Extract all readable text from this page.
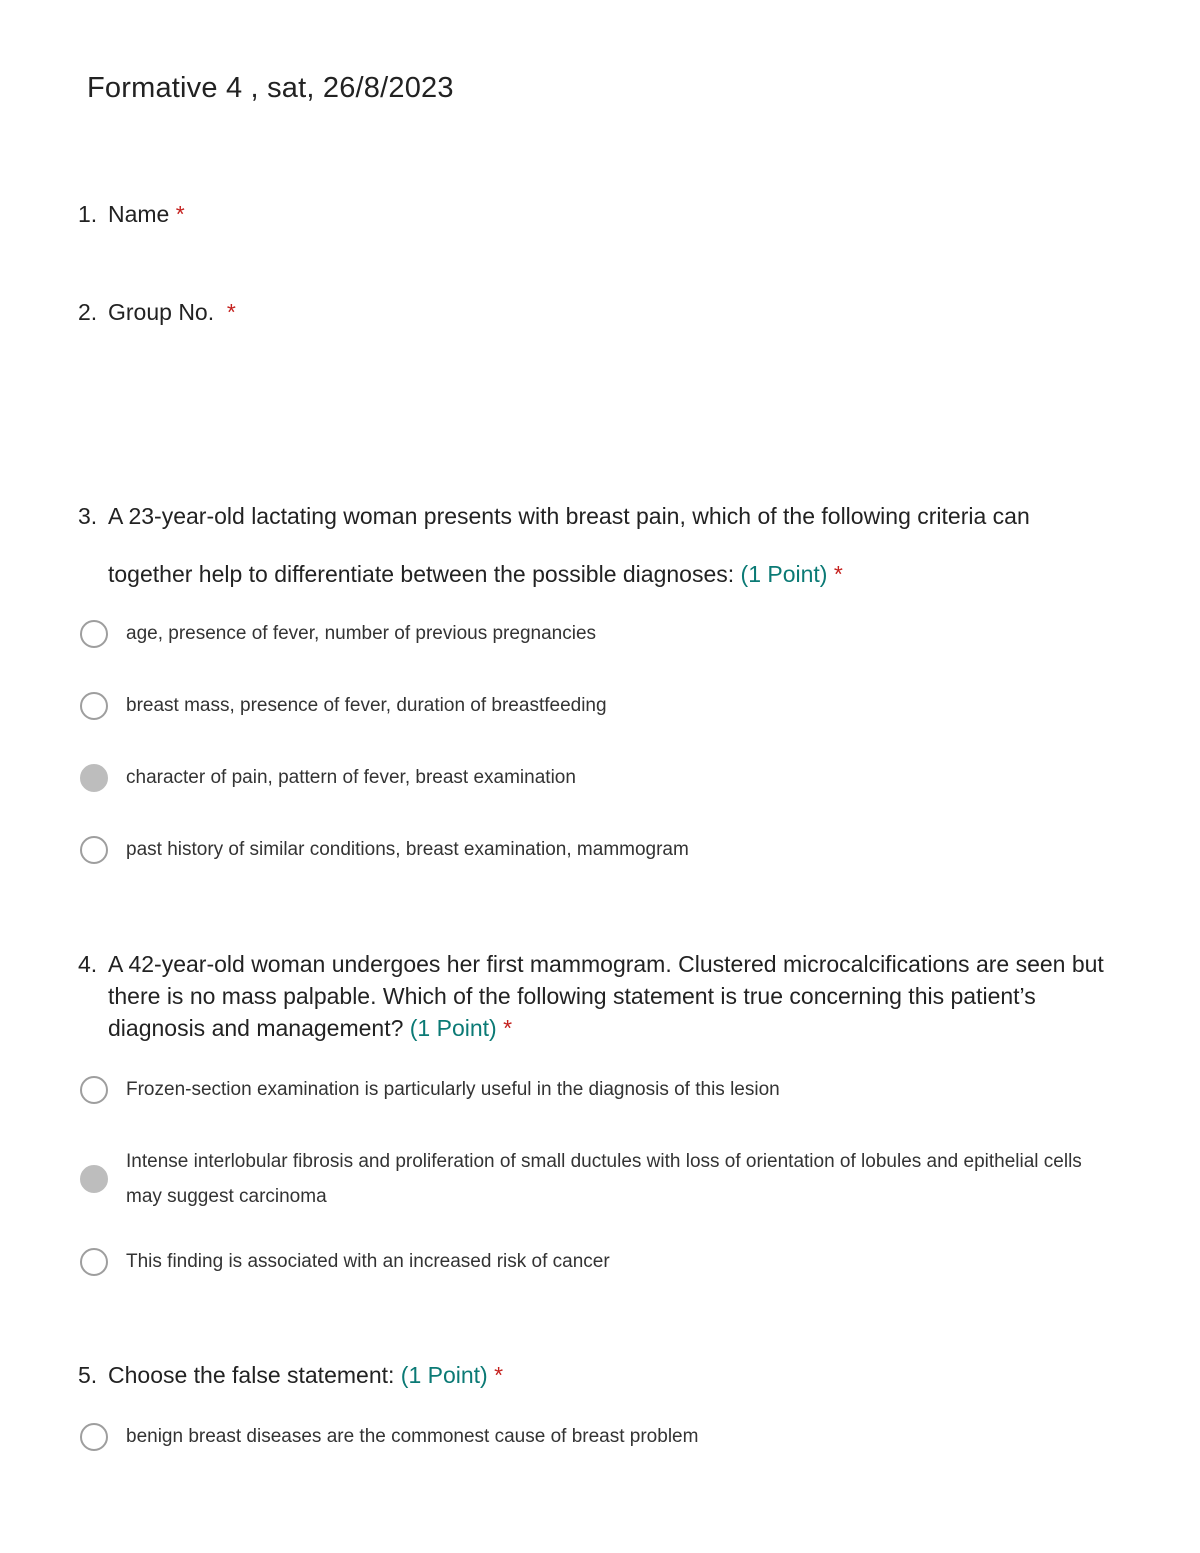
Formative 4 , sat, 26/8/2023
1. Name *
2. Group No.  *
3. A 23-year-old lactating woman presents with breast pain, which of the following criteria can together help to differentiate between the possible diagnoses: (1 Point) *
age, presence of fever, number of previous pregnancies
breast mass, presence of fever, duration of breastfeeding
character of pain, pattern of fever, breast examination
past history of similar conditions, breast examination, mammogram
4. A 42-year-old woman undergoes her first mammogram. Clustered microcalcifications are seen but there is no mass palpable. Which of the following statement is true concerning this patient’s diagnosis and management? (1 Point) *
Frozen-section examination is particularly useful in the diagnosis of this lesion
Intense interlobular fibrosis and proliferation of small ductules with loss of orientation of lobules and epithelial cells may suggest carcinoma
This finding is associated with an increased risk of cancer
5. Choose the false statement: (1 Point) *
benign breast diseases are the commonest cause of breast problem
